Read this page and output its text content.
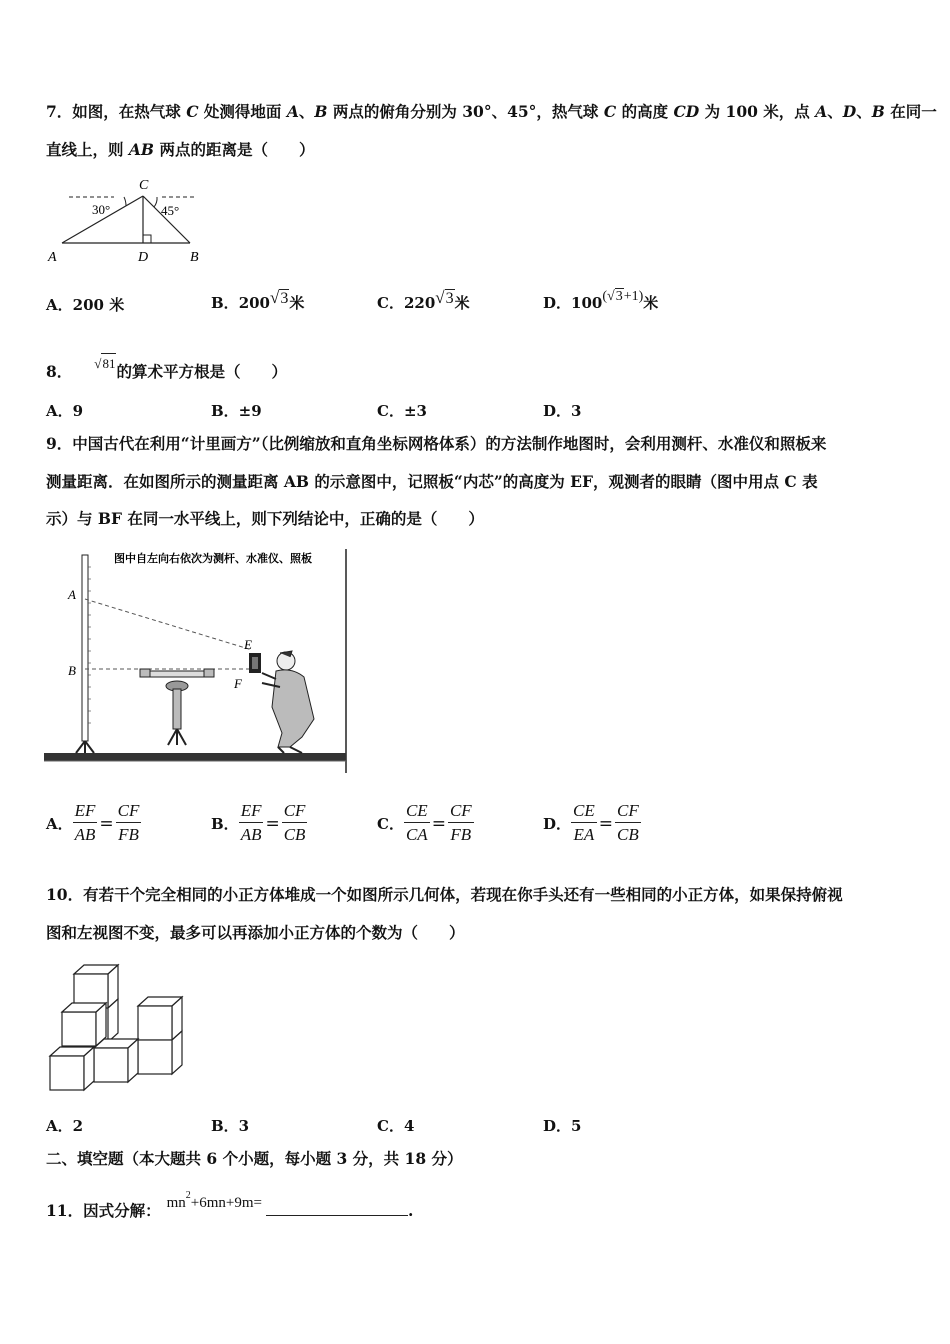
7．如图，在热气球 C 处测得地面 A、B 两点的俯角分别为 30°、45°，热气球 C 的高度 CD 为 100 米，点 A、D、B 在同一
直线上，则 AB 两点的距离是（　　）
C
A	D	B
30°	45°
A．200 米	B．200√3米	C．220√3米	D．100(√3+1)米
8． √81的算术平方根是（　　）
A．9	B．±9	C．±3	D．3
9．中国古代在利用“计里画方”（比例缩放和直角坐标网格体系）的方法制作地图时，会利用测杆、水准仪和照板来
测量距离．在如图所示的测量距离 AB 的示意图中，记照板“内芯”的高度为 EF，观测者的眼睛（图中用点 C 表
示）与 BF 在同一水平线上，则下列结论中，正确的是（　　）
图中自左向右依次为测杆、水准仪、照板
A
B
E
F
A． $\frac{EF}{AB} = \frac{CF}{FB}$	B． $\frac{EF}{AB} = \frac{CF}{CB}$	C． $\frac{CE}{CA} = \frac{CF}{FB}$	D． $\frac{CE}{EA} = \frac{CF}{CB}$
10．有若干个完全相同的小正方体堆成一个如图所示几何体，若现在你手头还有一些相同的小正方体，如果保持俯视
图和左视图不变，最多可以再添加小正方体的个数为（　　）
A．2	B．3	C．4	D．5
二、填空题（本大题共 6 个小题，每小题 3 分，共 18 分）
11．因式分解： $mn^2+6mn+9m=$	.
